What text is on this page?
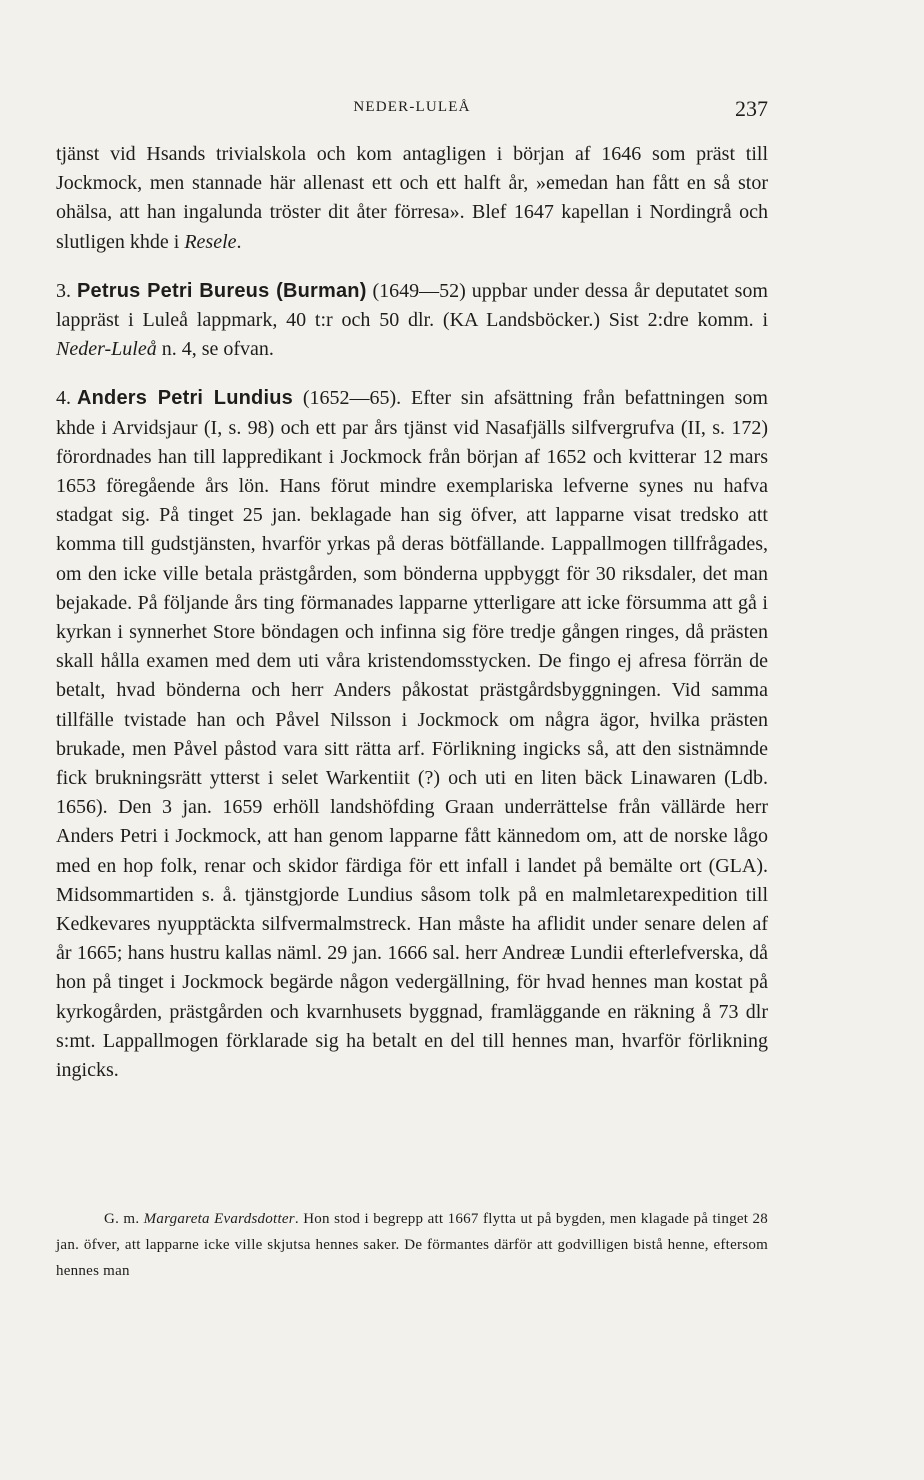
NEDER-LULEÅ	237

tjänst vid Hsands trivialskola och kom antagligen i början af 1646 som präst till Jockmock, men stannade här allenast ett och ett halft år, »emedan han fått en så stor ohälsa, att han ingalunda tröster dit åter förresa». Blef 1647 kapellan i Nordingrå och slutligen khde i Resele.

3. Petrus Petri Bureus (Burman) (1649—52) uppbar under dessa år deputatet som lappräst i Luleå lappmark, 40 t:r och 50 dlr. (KA Landsböcker.) Sist 2:dre komm. i Neder-Luleå n. 4, se ofvan.

4. Anders Petri Lundius (1652—65). Efter sin afsättning från befattningen som khde i Arvidsjaur (I, s. 98) och ett par års tjänst vid Nasafjälls silfvergrufva (II, s. 172) förordnades han till lappredikant i Jockmock från början af 1652 och kvitterar 12 mars 1653 föregående års lön. Hans förut mindre exemplariska lefverne synes nu hafva stadgat sig. På tinget 25 jan. beklagade han sig öfver, att lapparne visat tredsko att komma till gudstjänsten, hvarför yrkas på deras bötfällande. Lappallmogen tillfrågades, om den icke ville betala prästgården, som bönderna uppbyggt för 30 riksdaler, det man bejakade. På följande års ting förmanades lapparne ytterligare att icke försumma att gå i kyrkan i synnerhet Store böndagen och infinna sig före tredje gången ringes, då prästen skall hålla examen med dem uti våra kristendomsstycken. De fingo ej afresa förrän de betalt, hvad bönderna och herr Anders påkostat prästgårdsbyggningen. Vid samma tillfälle tvistade han och Påvel Nilsson i Jockmock om några ägor, hvilka prästen brukade, men Påvel påstod vara sitt rätta arf. Förlikning ingicks så, att den sistnämnde fick brukningsrätt ytterst i selet Warkentiit (?) och uti en liten bäck Linawaren (Ldb. 1656). Den 3 jan. 1659 erhöll landshöfding Graan underrättelse från vällärde herr Anders Petri i Jockmock, att han genom lapparne fått kännedom om, att de norske lågo med en hop folk, renar och skidor färdiga för ett infall i landet på bemälte ort (GLA). Midsommartiden s. å. tjänstgjorde Lundius såsom tolk på en malmletarexpedition till Kedkevares nyupptäckta silfvermalmstreck. Han måste ha aflidit under senare delen af år 1665; hans hustru kallas näml. 29 jan. 1666 sal. herr Andreæ Lundii efterlefverska, då hon på tinget i Jockmock begärde någon vedergällning, för hvad hennes man kostat på kyrkogården, prästgården och kvarnhusets byggnad, framläggande en räkning å 73 dlr s:mt. Lappallmogen förklarade sig ha betalt en del till hennes man, hvarför förlikning ingicks.

G. m. Margareta Evardsdotter. Hon stod i begrepp att 1667 flytta ut på bygden, men klagade på tinget 28 jan. öfver, att lapparne icke ville skjutsa hennes saker. De förmantes därför att godvilligen bistå henne, eftersom hennes man
